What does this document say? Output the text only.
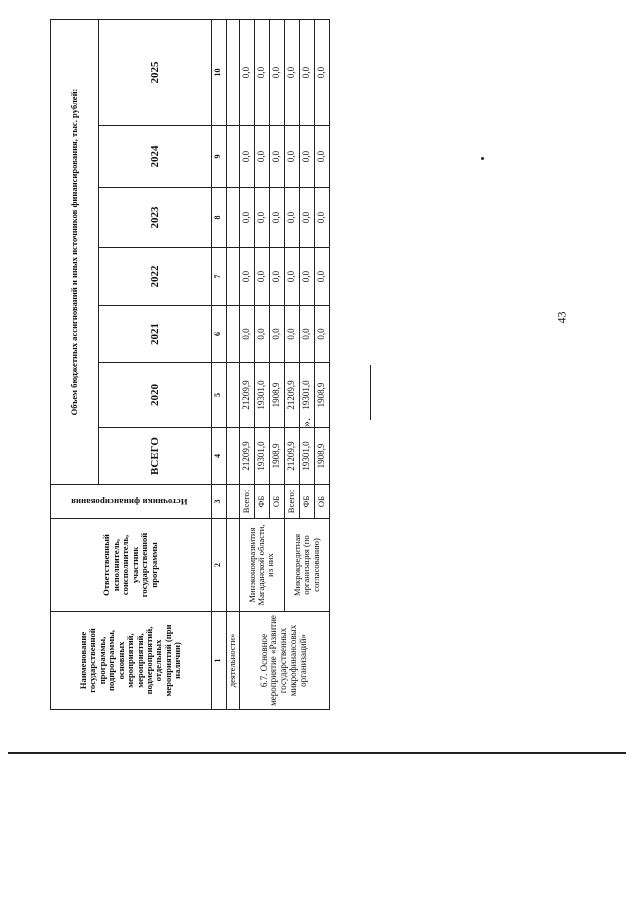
43
Наименование государственной программы, подпрограммы, основных мероприятий, мероприятий, подмероприятий, отдельных мероприятий (при наличии)	Ответственный исполнитель, соисполнитель, участник государственной программы	Источники финансирования	Объем бюджетных ассигнований и иных источников финансирования, тыс. рублей:						
			ВСЕГО	2020	2021	2022	2023	2024	2025
1	2	3	4	5	6	7	8	9	10
деятельности»									
6.7. Основное мероприятие «Развитие государственных микрофинансовых организаций»	Минэкономразвития Магаданской области, из них	Всего:	21209,9	21209,9	0,0	0,0	0,0	0,0	0,0
		ФБ	19301,0	19301,0	0,0	0,0	0,0	0,0	0,0
		ОБ	1908,9	1908,9	0,0	0,0	0,0	0,0	0,0
	Микрокредитная организация (по согласованию)	Всего:	21209,9	21209,9	0,0	0,0	0,0	0,0	0,0
		ФБ	19301,0	19301,0	0,0	0,0	0,0	0,0	0,0
		ОБ	1908,9	1908,9	0,0	0,0	0,0	0,0	0,0
».
